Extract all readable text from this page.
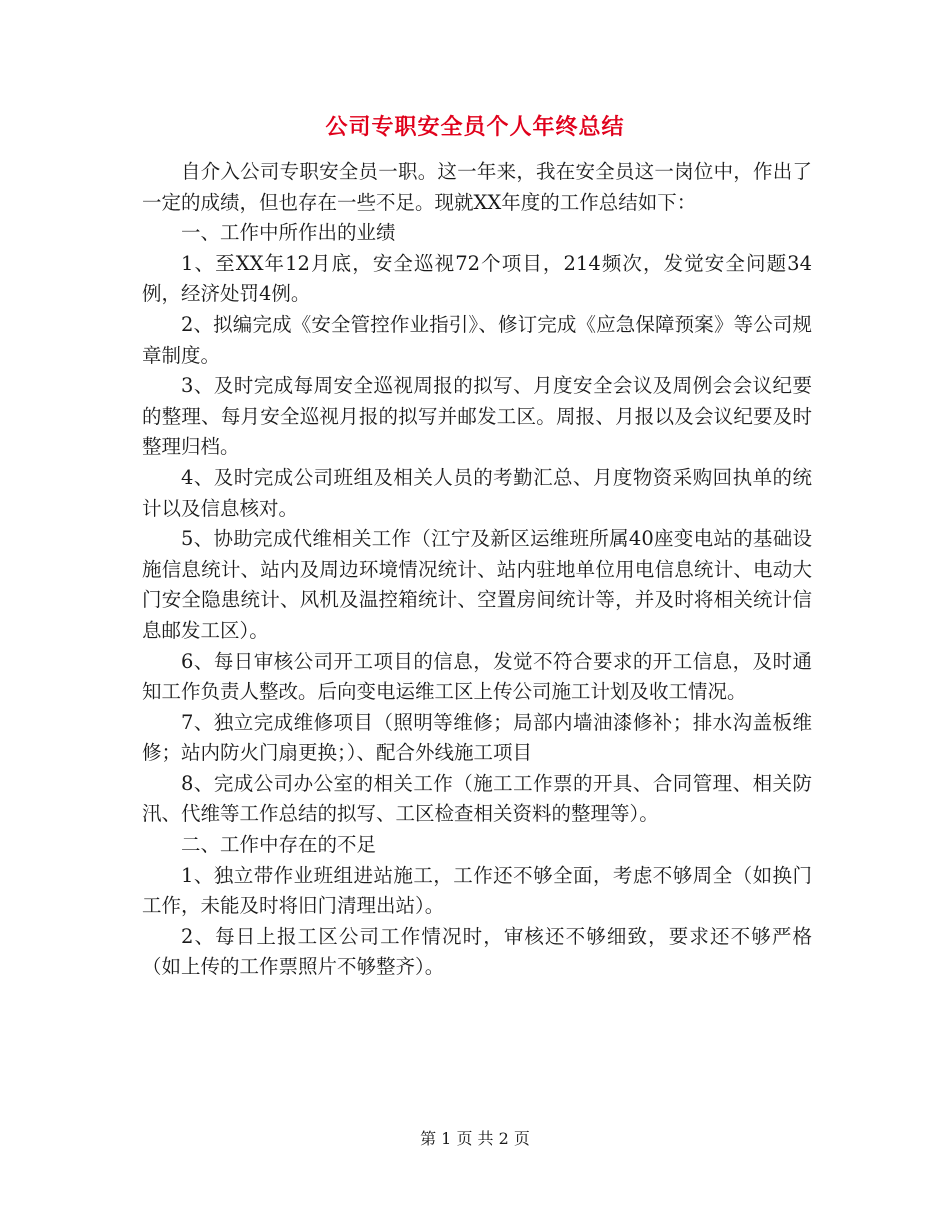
公司专职安全员个人年终总结

自介入公司专职安全员一职。这一年来，我在安全员这一岗位中，作出了一定的成绩，但也存在一些不足。现就XX年度的工作总结如下：

一、工作中所作出的业绩

1、至XX年12月底，安全巡视72个项目，214频次，发觉安全问题34例，经济处罚4例。

2、拟编完成《安全管控作业指引》、修订完成《应急保障预案》等公司规章制度。

3、及时完成每周安全巡视周报的拟写、月度安全会议及周例会会议纪要的整理、每月安全巡视月报的拟写并邮发工区。周报、月报以及会议纪要及时整理归档。

4、及时完成公司班组及相关人员的考勤汇总、月度物资采购回执单的统计以及信息核对。

5、协助完成代维相关工作（江宁及新区运维班所属40座变电站的基础设施信息统计、站内及周边环境情况统计、站内驻地单位用电信息统计、电动大门安全隐患统计、风机及温控箱统计、空置房间统计等，并及时将相关统计信息邮发工区）。

6、每日审核公司开工项目的信息，发觉不符合要求的开工信息，及时通知工作负责人整改。后向变电运维工区上传公司施工计划及收工情况。

7、独立完成维修项目（照明等维修；局部内墙油漆修补；排水沟盖板维修；站内防火门扇更换；）、配合外线施工项目

8、完成公司办公室的相关工作（施工工作票的开具、合同管理、相关防汛、代维等工作总结的拟写、工区检查相关资料的整理等）。

二、工作中存在的不足

1、独立带作业班组进站施工，工作还不够全面，考虑不够周全（如换门工作，未能及时将旧门清理出站）。

2、每日上报工区公司工作情况时，审核还不够细致，要求还不够严格（如上传的工作票照片不够整齐）。

第 1 页 共 2 页
